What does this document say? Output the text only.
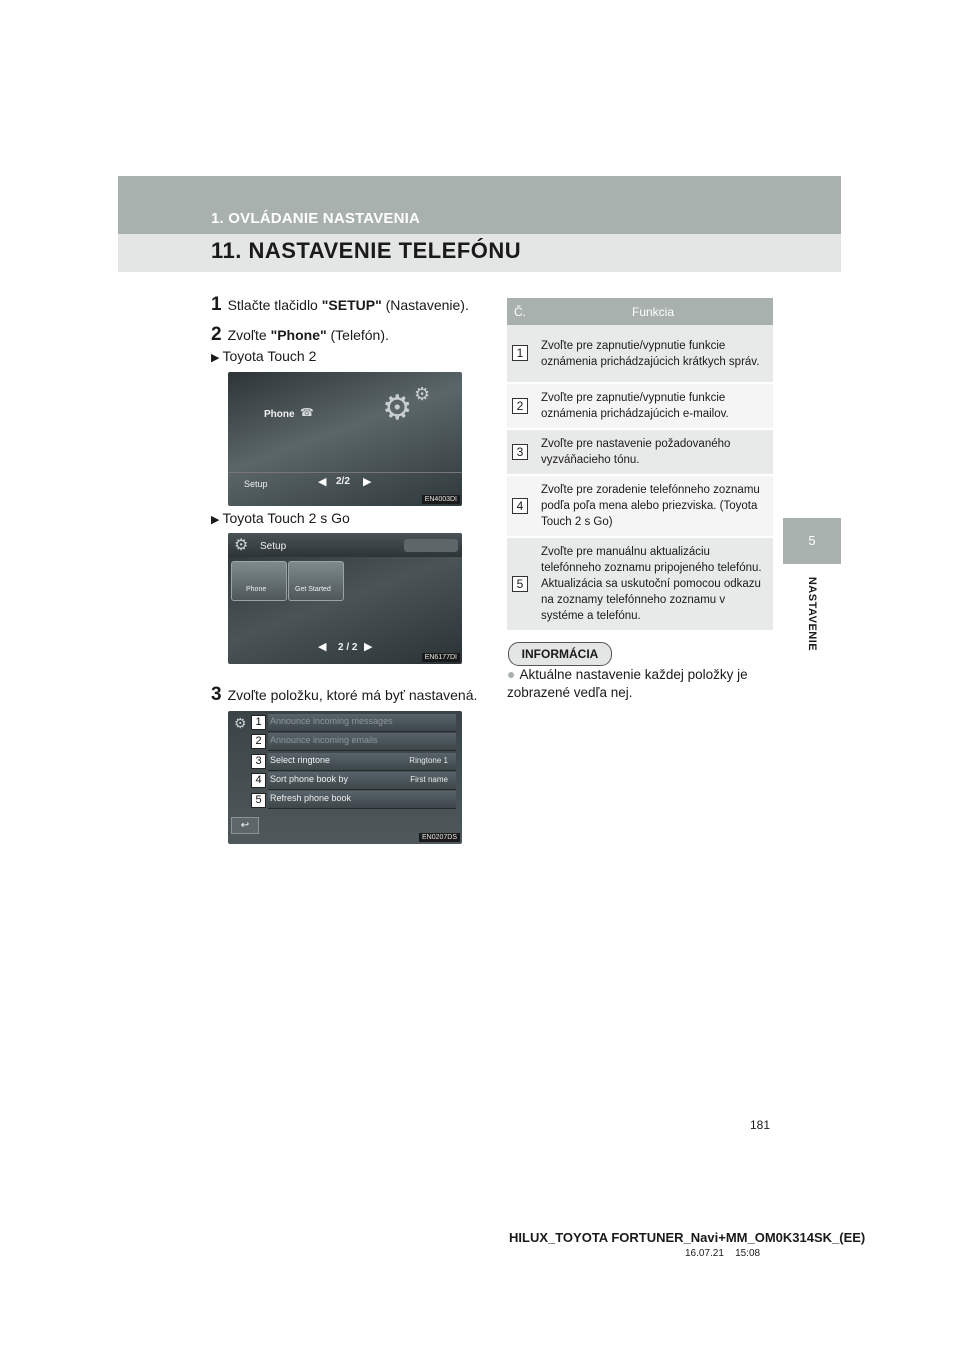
1. OVLÁDANIE NASTAVENIA
11. NASTAVENIE TELEFÓNU
5
NASTAVENIE
1 Stlačte tlačidlo "SETUP" (Nastavenie).
2 Zvoľte "Phone" (Telefón).
▶ Toyota Touch 2
Phone ☎ ⚙ ⚙
Setup	◀ 2/2 ▶
EN4003DI
▶ Toyota Touch 2 s Go
⚙ Setup
Phone	Get Started
◀ 2 / 2 ▶
EN6177DI
3 Zvoľte položku, ktoré má byť nastavená.
⚙	Announce incoming messages
Announce incoming emails
Select ringtone	Ringtone 1
Sort phone book by	First name
Refresh phone book
1
2
3
4
5
↩
EN0207DS
Č.	Funkcia
1	Zvoľte pre zapnutie/vypnutie funkcie oznámenia prichádzajúcich krátkych správ.
2	Zvoľte pre zapnutie/vypnutie funkcie oznámenia prichádzajúcich e-mailov.
3	Zvoľte pre nastavenie požadovaného vyzváňacieho tónu.
4	Zvoľte pre zoradenie telefónneho zoznamu podľa poľa mena alebo priezviska. (Toyota Touch 2 s Go)
5	Zvoľte pre manuálnu aktualizáciu telefónneho zoznamu pripojeného telefónu. Aktualizácia sa uskutoční pomocou odkazu na zoznamy telefónneho zoznamu v systéme a telefónu.
INFORMÁCIA
● Aktuálne nastavenie každej položky je zobrazené vedľa nej.
181
HILUX_TOYOTA FORTUNER_Navi+MM_OM0K314SK_(EE)
16.07.21 15:08
